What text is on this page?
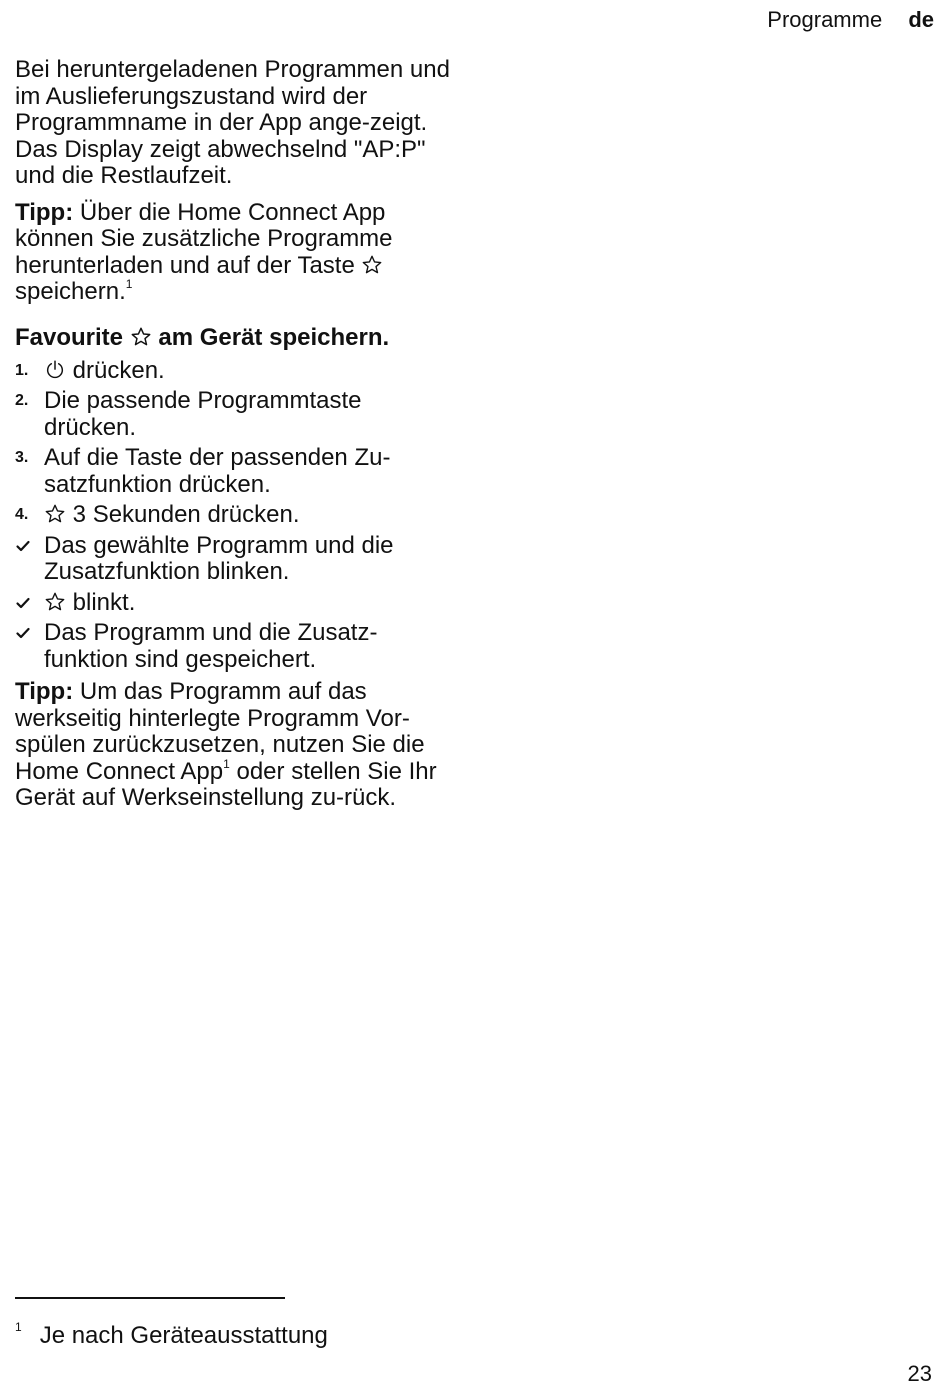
Programme de

Bei heruntergeladenen Programmen und im Auslieferungszustand wird der Programmname in der App ange-zeigt. Das Display zeigt abwechselnd "AP:P" und die Restlaufzeit.

Tipp: Über die Home Connect App können Sie zusätzliche Programme herunterladen und auf der Taste
speichern.$^1$

Favourite am Gerät speichern.
1. drücken.
2. Die passende Programmtaste drücken.
3. Auf die Taste der passenden Zu-satzfunktion drücken.
4. 3 Sekunden drücken.
Das gewählte Programm und die Zusatzfunktion blinken.
blinkt.
Das Programm und die Zusatz-funktion sind gespeichert.

Tipp: Um das Programm auf das werkseitig hinterlegte Programm Vor-spülen zurückzusetzen, nutzen Sie die Home Connect App$^1$ oder stellen Sie Ihr Gerät auf Werkseinstellung zu-rück.

$^1$ Je nach Geräteausstattung
23
